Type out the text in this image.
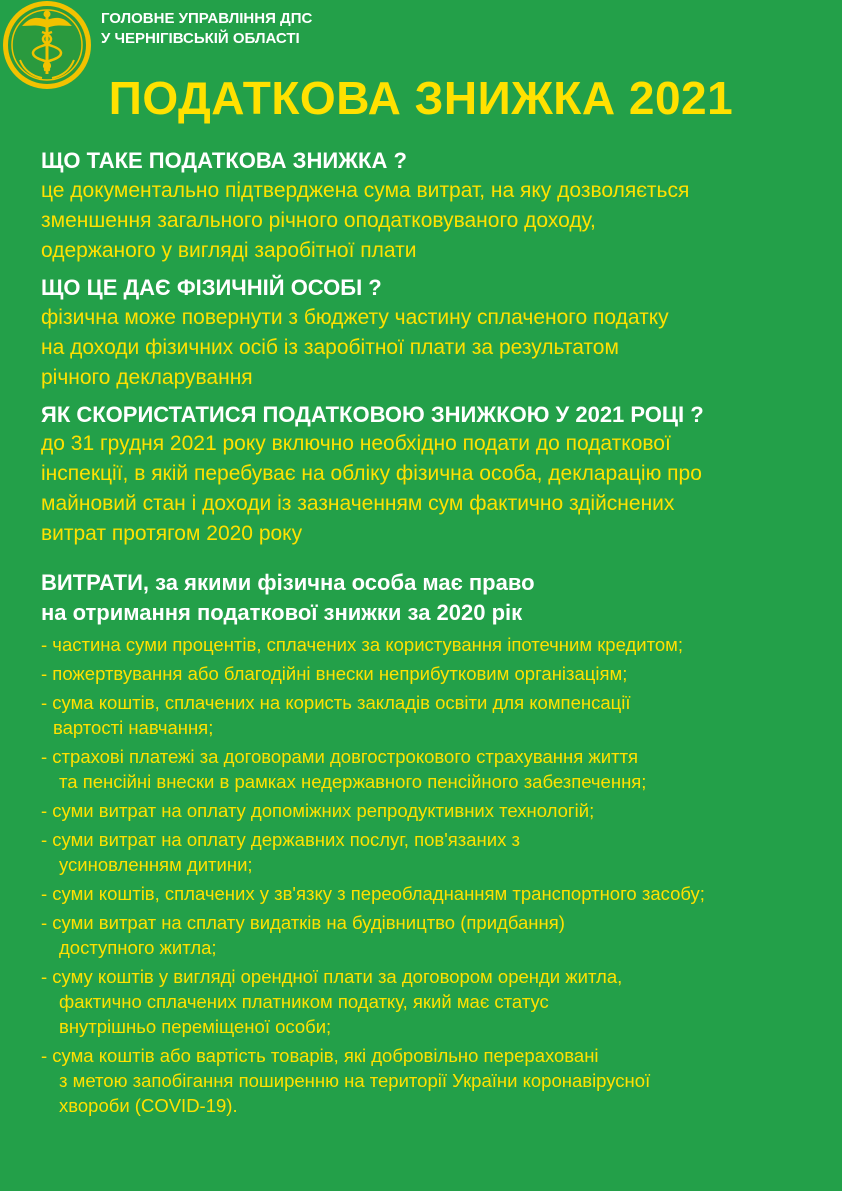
ГОЛОВНЕ УПРАВЛІННЯ ДПС
У ЧЕРНІГІВСЬКІЙ ОБЛАСТІ
ПОДАТКОВА ЗНИЖКА 2021
ЩО ТАКЕ ПОДАТКОВА ЗНИЖКА ?
це документально підтверджена сума витрат, на яку дозволяється
зменшення загального річного оподатковуваного доходу,
одержаного у вигляді заробітної плати
ЩО ЦЕ ДАЄ ФІЗИЧНІЙ ОСОБІ ?
фізична може повернути з бюджету частину сплаченого податку
на доходи фізичних осіб із заробітної плати за результатом
річного декларування
ЯК СКОРИСТАТИСЯ ПОДАТКОВОЮ ЗНИЖКОЮ У 2021 РОЦІ ?
до 31 грудня 2021 року включно необхідно подати до податкової
інспекції, в якій перебуває на обліку фізична особа, декларацію про
майновий стан і доходи із зазначенням сум фактично здійснених
витрат протягом 2020 року
ВИТРАТИ, за якими фізична особа має право
на отримання податкової знижки за 2020 рік
- частина суми процентів, сплачених за користування іпотечним кредитом;
- пожертвування або благодійні внески неприбутковим організаціям;
- сума коштів, сплачених на користь закладів освіти для компенсації
вартості навчання;
- страхові платежі за договорами довгострокового страхування життя
та пенсійні внески в рамках недержавного пенсійного забезпечення;
- суми витрат на оплату допоміжних репродуктивних технологій;
- суми витрат на оплату державних послуг, пов'язаних з
усиновленням дитини;
- суми коштів, сплачених у зв'язку з переобладнанням транспортного засобу;
- суми витрат на сплату видатків на будівництво (придбання)
доступного житла;
- суму коштів у вигляді орендної плати за договором оренди житла,
фактично сплачених платником податку, який має статус
внутрішньо переміщеної особи;
- сума коштів або вартість товарів, які добровільно перераховані
з метою запобігання поширенню на території України коронавірусної
хвороби (COVID-19).
